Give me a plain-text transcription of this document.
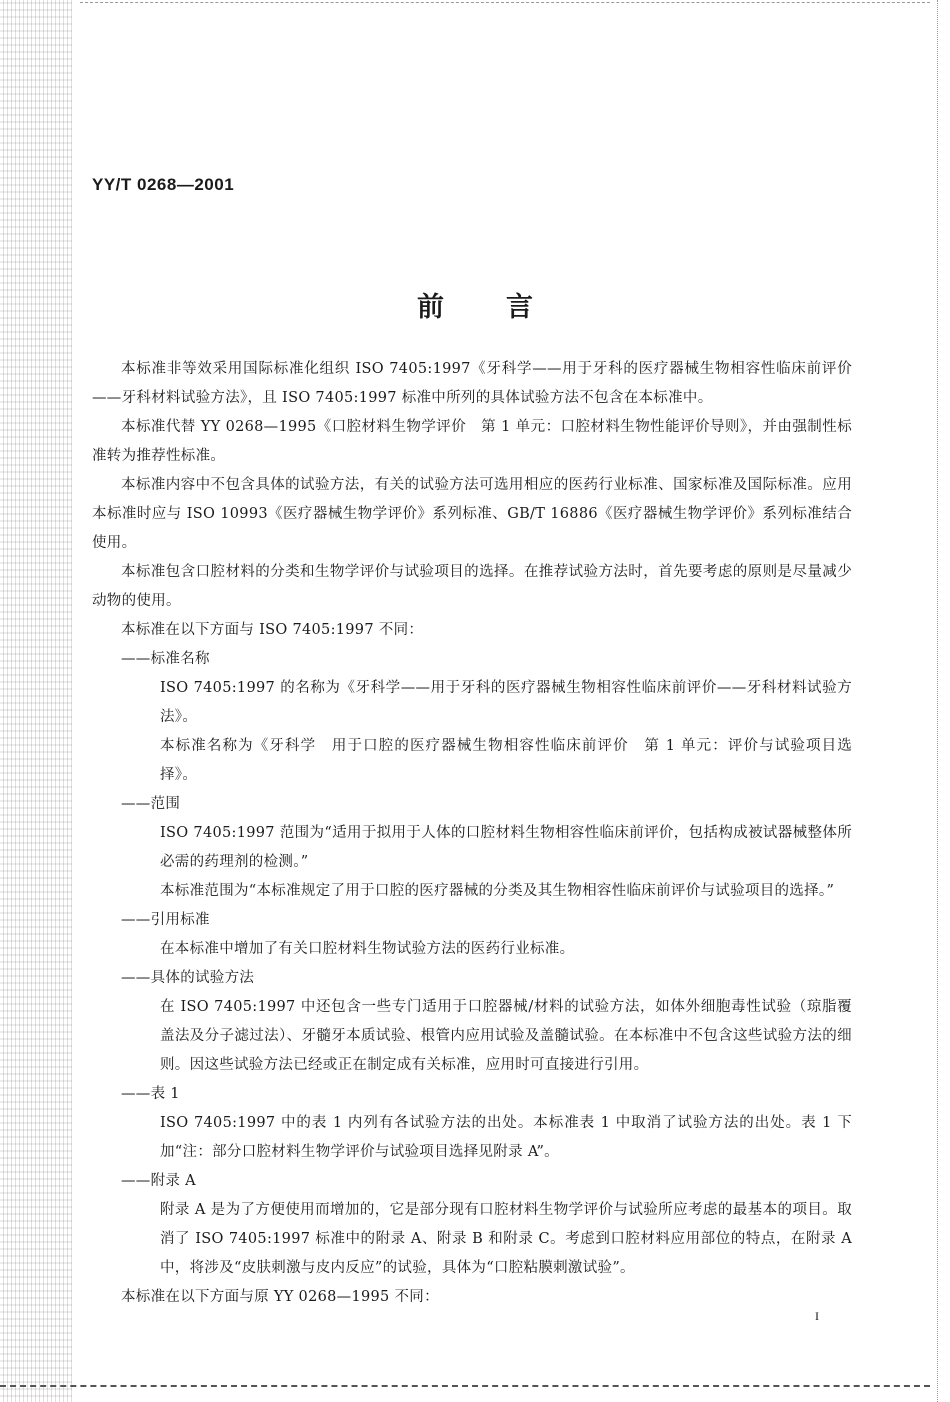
YY/T 0268—2001
前言

本标准非等效采用国际标准化组织 ISO 7405:1997《牙科学——用于牙科的医疗器械生物相容性临床前评价——牙科材料试验方法》，且 ISO 7405:1997 标准中所列的具体试验方法不包含在本标准中。

本标准代替 YY 0268—1995《口腔材料生物学评价　第 1 单元：口腔材料生物性能评价导则》，并由强制性标准转为推荐性标准。

本标准内容中不包含具体的试验方法，有关的试验方法可选用相应的医药行业标准、国家标准及国际标准。应用本标准时应与 ISO 10993《医疗器械生物学评价》系列标准、GB/T 16886《医疗器械生物学评价》系列标准结合使用。

本标准包含口腔材料的分类和生物学评价与试验项目的选择。在推荐试验方法时，首先要考虑的原则是尽量减少动物的使用。

本标准在以下方面与 ISO 7405:1997 不同：

——标准名称

ISO 7405:1997 的名称为《牙科学——用于牙科的医疗器械生物相容性临床前评价——牙科材料试验方法》。

本标准名称为《牙科学　用于口腔的医疗器械生物相容性临床前评价　第 1 单元：评价与试验项目选择》。

——范围

ISO 7405:1997 范围为“适用于拟用于人体的口腔材料生物相容性临床前评价，包括构成被试器械整体所必需的药理剂的检测。”

本标准范围为“本标准规定了用于口腔的医疗器械的分类及其生物相容性临床前评价与试验项目的选择。”

——引用标准

在本标准中增加了有关口腔材料生物试验方法的医药行业标准。

——具体的试验方法

在 ISO 7405:1997 中还包含一些专门适用于口腔器械/材料的试验方法，如体外细胞毒性试验（琼脂覆盖法及分子滤过法）、牙髓牙本质试验、根管内应用试验及盖髓试验。在本标准中不包含这些试验方法的细则。因这些试验方法已经或正在制定成有关标准，应用时可直接进行引用。

——表 1

ISO 7405:1997 中的表 1 内列有各试验方法的出处。本标准表 1 中取消了试验方法的出处。表 1 下加“注：部分口腔材料生物学评价与试验项目选择见附录 A”。

——附录 A

附录 A 是为了方便使用而增加的，它是部分现有口腔材料生物学评价与试验所应考虑的最基本的项目。取消了 ISO 7405:1997 标准中的附录 A、附录 B 和附录 C。考虑到口腔材料应用部位的特点，在附录 A 中，将涉及“皮肤刺激与皮内反应”的试验，具体为“口腔粘膜刺激试验”。

本标准在以下方面与原 YY 0268—1995 不同：

I
